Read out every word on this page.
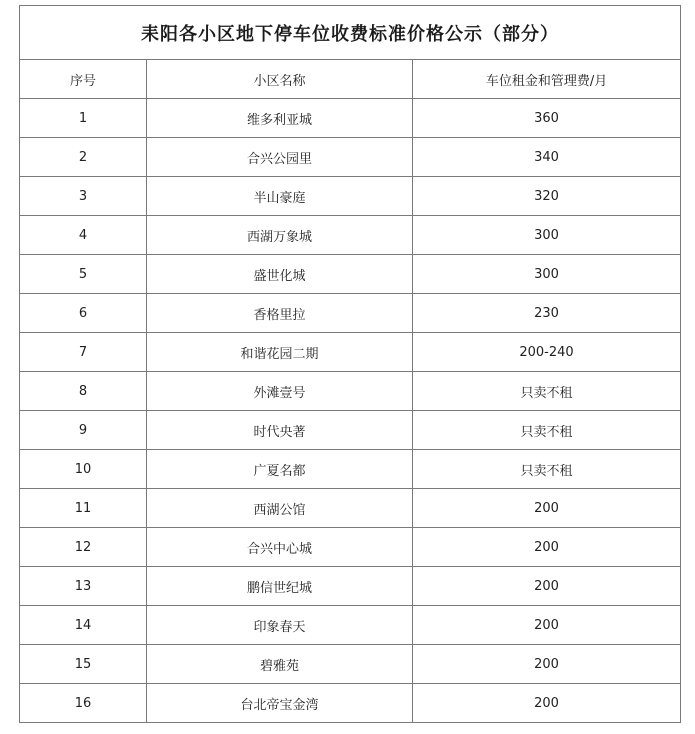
耒阳各小区地下停车位收费标准价格公示（部分）		
序号	小区名称	车位租金和管理费/月
1	维多利亚城	360
2	合兴公园里	340
3	半山豪庭	320
4	西湖万象城	300
5	盛世化城	300
6	香格里拉	230
7	和谐花园二期	200-240
8	外滩壹号	只卖不租
9	时代央著	只卖不租
10	广夏名都	只卖不租
11	西湖公馆	200
12	合兴中心城	200
13	鹏信世纪城	200
14	印象春天	200
15	碧雅苑	200
16	台北帝宝金湾	200
